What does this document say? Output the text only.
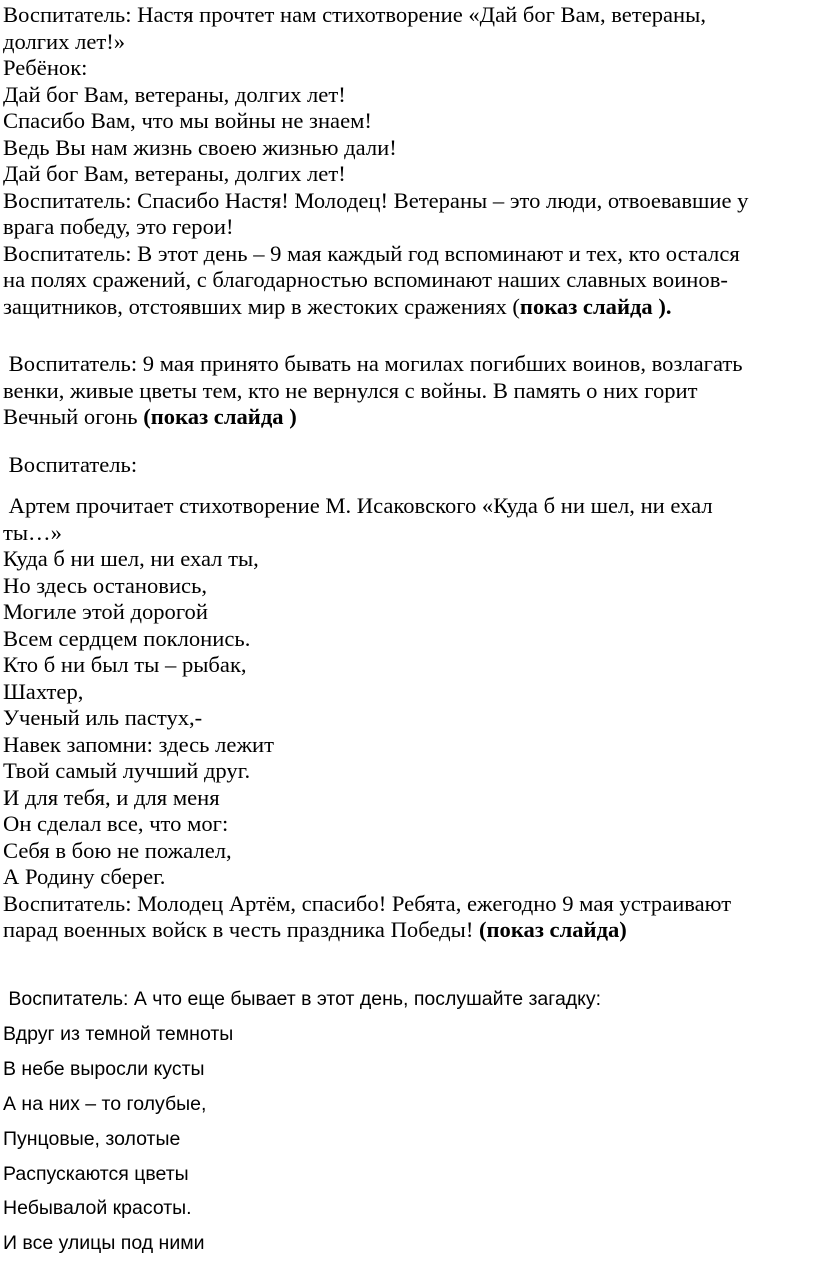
Воспитатель: Настя прочтет нам стихотворение «Дай бог Вам, ветераны,
долгих лет!»
Ребёнок:
Дай бог Вам, ветераны, долгих лет!
Спасибо Вам, что мы войны не знаем!
Ведь Вы нам жизнь своею жизнью дали!
Дай бог Вам, ветераны, долгих лет!
Воспитатель: Спасибо Настя! Молодец! Ветераны – это люди, отвоевавшие у
врага победу, это герои!
Воспитатель: В этот день – 9 мая каждый год вспоминают и тех, кто остался
на полях сражений, с благодарностью вспоминают наших славных воинов-
защитников, отстоявших мир в жестоких сражениях (показ слайда ).
Воспитатель: 9 мая принято бывать на могилах погибших воинов, возлагать
венки, живые цветы тем, кто не вернулся с войны. В память о них горит
Вечный огонь (показ слайда )
Воспитатель:
Артем прочитает стихотворение М. Исаковского «Куда б ни шел, ни ехал
ты…»
Куда б ни шел, ни ехал ты,
Но здесь остановись,
Могиле этой дорогой
Всем сердцем поклонись.
Кто б ни был ты – рыбак,
Шахтер,
Ученый иль пастух,-
Навек запомни: здесь лежит
Твой самый лучший друг.
И для тебя, и для меня
Он сделал все, что мог:
Себя в бою не пожалел,
А Родину сберег.
Воспитатель: Молодец Артём, спасибо! Ребята, ежегодно 9 мая устраивают
парад военных войск в честь праздника Победы! (показ слайда)
Воспитатель: А что еще бывает в этот день, послушайте загадку:
Вдруг из темной темноты
В небе выросли кусты
А на них – то голубые,
Пунцовые, золотые
Распускаются цветы
Небывалой красоты.
И все улицы под ними
